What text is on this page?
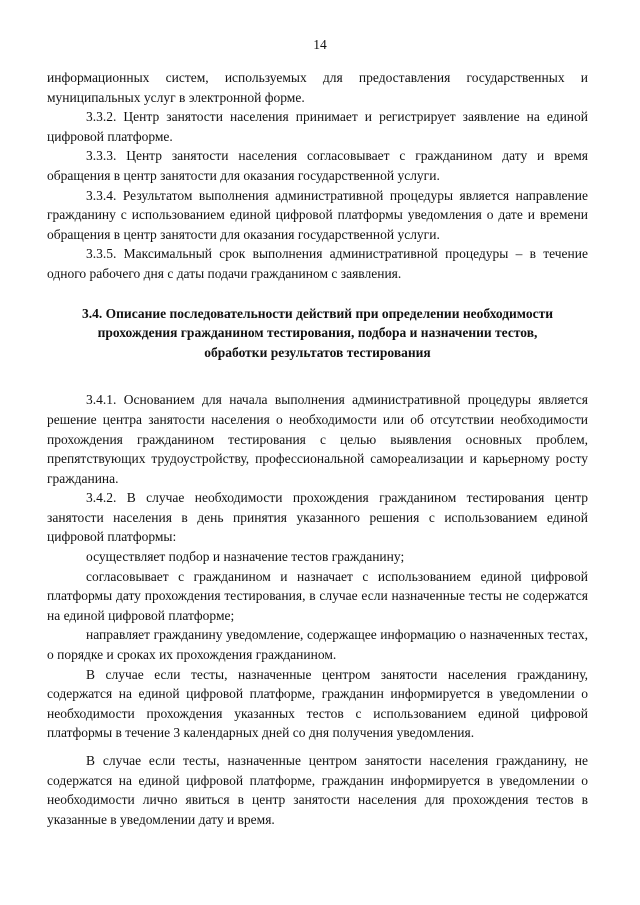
14

информационных систем, используемых для предоставления государственных и муниципальных услуг в электронной форме.

3.3.2. Центр занятости населения принимает и регистрирует заявление на единой цифровой платформе.

3.3.3. Центр занятости населения согласовывает с гражданином дату и время обращения в центр занятости для оказания государственной услуги.

3.3.4. Результатом выполнения административной процедуры является направление гражданину с использованием единой цифровой платформы уведомления о дате и времени обращения в центр занятости для оказания государственной услуги.

3.3.5. Максимальный срок выполнения административной процедуры – в течение одного рабочего дня с даты подачи гражданином с заявления.

3.4. Описание последовательности действий при определении необходимости прохождения гражданином тестирования, подбора и назначении тестов, обработки результатов тестирования

3.4.1. Основанием для начала выполнения административной процедуры является решение центра занятости населения о необходимости или об отсутствии необходимости прохождения гражданином тестирования с целью выявления основных проблем, препятствующих трудоустройству, профессиональной самореализации и карьерному росту гражданина.

3.4.2. В случае необходимости прохождения гражданином тестирования центр занятости населения в день принятия указанного решения с использованием единой цифровой платформы:

осуществляет подбор и назначение тестов гражданину;

согласовывает с гражданином и назначает с использованием единой цифровой платформы дату прохождения тестирования, в случае если назначенные тесты не содержатся на единой цифровой платформе;

направляет гражданину уведомление, содержащее информацию о назначенных тестах, о порядке и сроках их прохождения гражданином.

В случае если тесты, назначенные центром занятости населения гражданину, содержатся на единой цифровой платформе, гражданин информируется в уведомлении о необходимости прохождения указанных тестов с использованием единой цифровой платформы в течение 3 календарных дней со дня получения уведомления.

В случае если тесты, назначенные центром занятости населения гражданину, не содержатся на единой цифровой платформе, гражданин информируется в уведомлении о необходимости лично явиться в центр занятости населения для прохождения тестов в указанные в уведомлении дату и время.
